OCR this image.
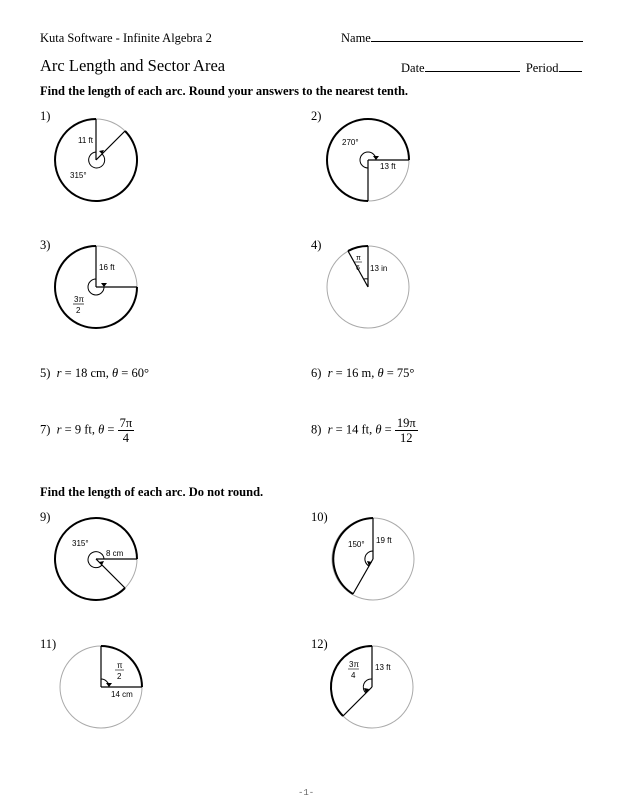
Kuta Software - Infinite Algebra 2	Name
Arc Length and Sector Area	Date	Period
Find the length of each arc. Round your answers to the nearest tenth.
1)	2)
3)	4)
11 ft
315°
270°
13 ft
16 ft
3π
2
13 in
π
6
5) r = 18 cm, θ = 60°	6) r = 16 m, θ = 75°
7) r = 9 ft, $\theta = \frac{7\pi}{4}$	8) r = 14 ft, $\theta = \frac{19\pi}{12}$
Find the length of each arc. Do not round.
9)	10)
11)	12)
315°
8 cm
150° 19 ft
π
2
14 cm
3π
4
13 ft
-1-
